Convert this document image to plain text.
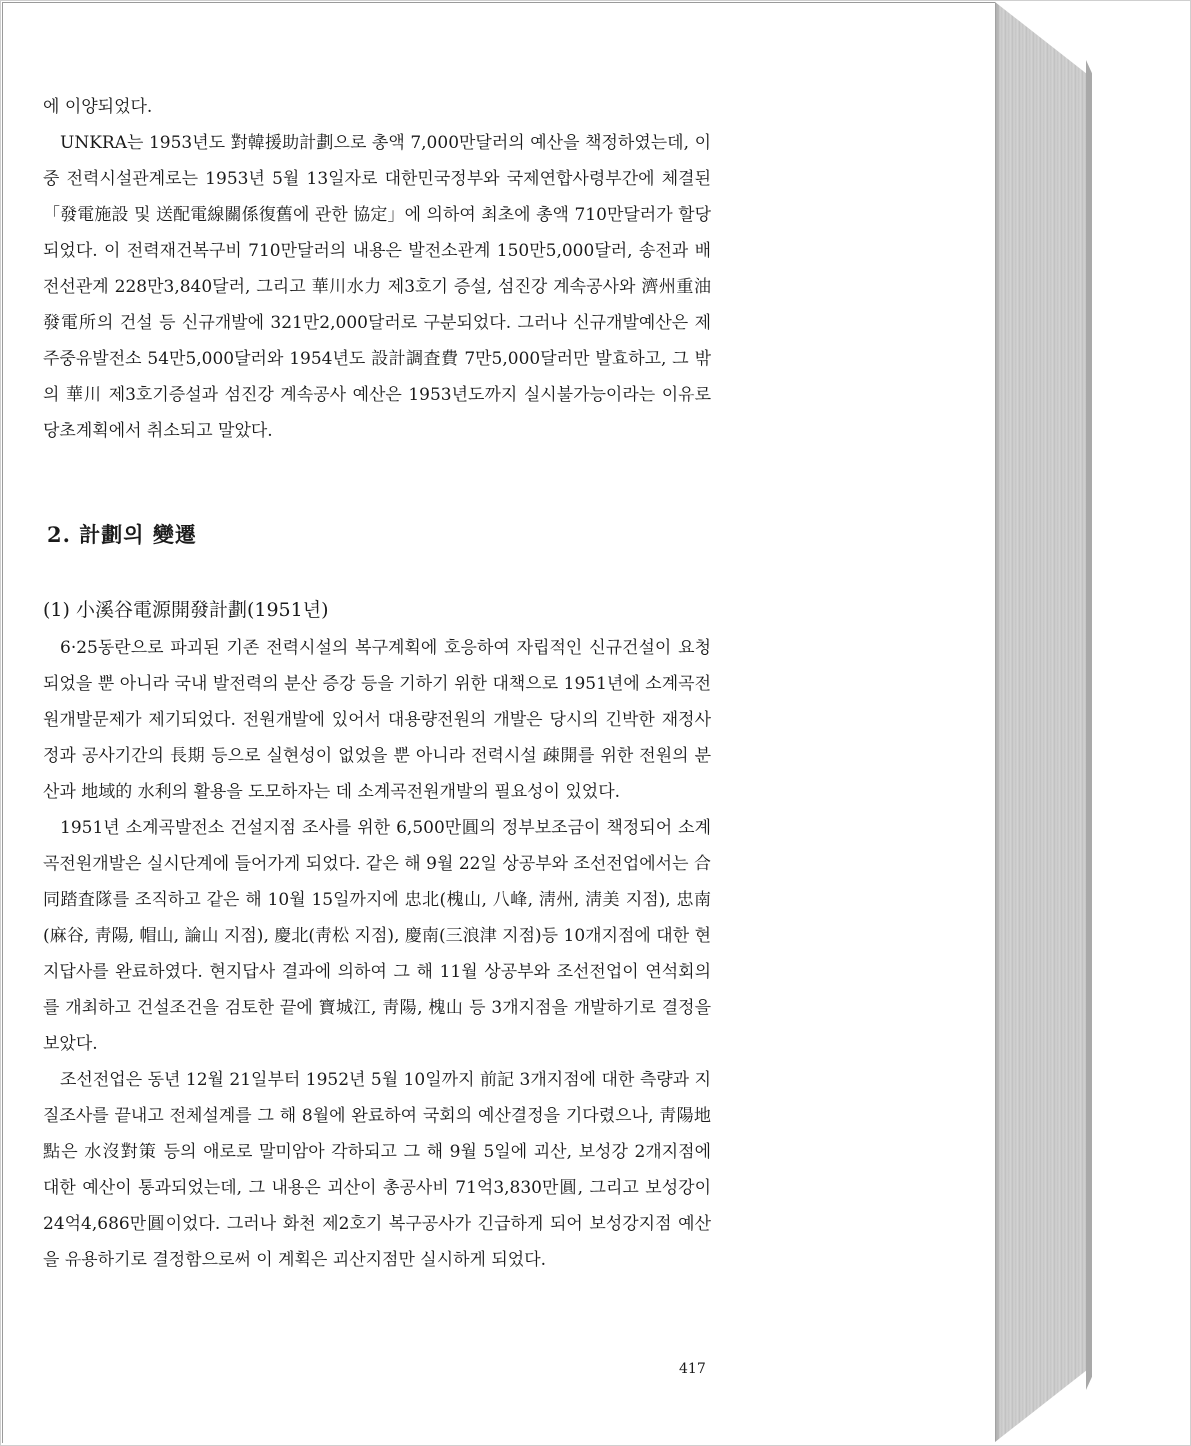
에 이양되었다.

UNKRA는 1953년도 對韓援助計劃으로 총액 7,000만달러의 예산을 책정하였는데, 이 중 전력시설관계로는 1953년 5월 13일자로 대한민국정부와 국제연합사령부간에 체결된「發電施設 및 送配電線關係復舊에 관한 協定」에 의하여 최초에 총액 710만달러가 할당되었다. 이 전력재건복구비 710만달러의 내용은 발전소관계 150만5,000달러, 송전과 배전선관계 228만3,840달러, 그리고 華川水力 제3호기 증설, 섬진강 계속공사와 濟州重油發電所의 건설 등 신규개발에 321만2,000달러로 구분되었다. 그러나 신규개발예산은 제주중유발전소 54만5,000달러와 1954년도 設計調査費 7만5,000달러만 발효하고, 그 밖의 華川 제3호기증설과 섬진강 계속공사 예산은 1953년도까지 실시불가능이라는 이유로 당초계획에서 취소되고 말았다.

2. 計劃의 變遷
(1) 小溪谷電源開發計劃(1951년)

6·25동란으로 파괴된 기존 전력시설의 복구계획에 호응하여 자립적인 신규건설이 요청되었을 뿐 아니라 국내 발전력의 분산 증강 등을 기하기 위한 대책으로 1951년에 소계곡전원개발문제가 제기되었다. 전원개발에 있어서 대용량전원의 개발은 당시의 긴박한 재정사정과 공사기간의 長期 등으로 실현성이 없었을 뿐 아니라 전력시설 疎開를 위한 전원의 분산과 地域的 水利의 활용을 도모하자는 데 소계곡전원개발의 필요성이 있었다.

1951년 소계곡발전소 건설지점 조사를 위한 6,500만圓의 정부보조금이 책정되어 소계곡전원개발은 실시단계에 들어가게 되었다. 같은 해 9월 22일 상공부와 조선전업에서는 合同踏査隊를 조직하고 같은 해 10월 15일까지에 忠北(槐山, 八峰, 淸州, 淸美 지점), 忠南(麻谷, 靑陽, 帽山, 論山 지점), 慶北(靑松 지점), 慶南(三浪津 지점)등 10개지점에 대한 현지답사를 완료하였다. 현지답사 결과에 의하여 그 해 11월 상공부와 조선전업이 연석회의를 개최하고 건설조건을 검토한 끝에 寶城江, 靑陽, 槐山 등 3개지점을 개발하기로 결정을 보았다.

조선전업은 동년 12월 21일부터 1952년 5월 10일까지 前記 3개지점에 대한 측량과 지질조사를 끝내고 전체설계를 그 해 8월에 완료하여 국회의 예산결정을 기다렸으나, 靑陽地點은 水沒對策 등의 애로로 말미암아 각하되고 그 해 9월 5일에 괴산, 보성강 2개지점에 대한 예산이 통과되었는데, 그 내용은 괴산이 총공사비 71억3,830만圓, 그리고 보성강이 24억4,686만圓이었다. 그러나 화천 제2호기 복구공사가 긴급하게 되어 보성강지점 예산을 유용하기로 결정함으로써 이 계획은 괴산지점만 실시하게 되었다.

417
